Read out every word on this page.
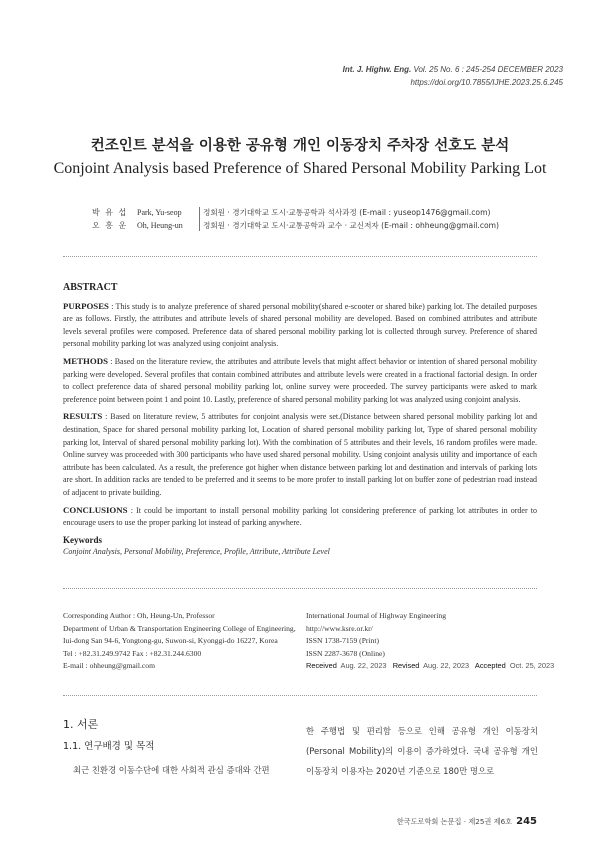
Int. J. Highw. Eng. Vol. 25 No. 6 : 245-254 DECEMBER 2023
https://doi.org/10.7855/IJHE.2023.25.6.245
컨조인트 분석을 이용한 공유형 개인 이동장치 주차장 선호도 분석
Conjoint Analysis based Preference of Shared Personal Mobility Parking Lot
박 유 섭	Park, Yu-seop	정회원 · 경기대학교 도시·교통공학과 석사과정 (E-mail : yuseop1476@gmail.com)
오 흥 운	Oh, Heung-un	정회원 · 경기대학교 도시·교통공학과 교수 · 교신저자 (E-mail : ohheung@gmail.com)
ABSTRACT

PURPOSES : This study is to analyze preference of shared personal mobility(shared e-scooter or shared bike) parking lot. The detailed purposes are as follows. Firstly, the attributes and attribute levels of shared personal mobility are developed. Based on combined attributes and attribute levels several profiles were composed. Preference data of shared personal mobility parking lot is collected through survey. Preference of shared personal mobility parking lot was analyzed using conjoint analysis.

METHODS : Based on the literature review, the attributes and attribute levels that might affect behavior or intention of shared personal mobility parking were developed. Several profiles that contain combined attributes and attribute levels were created in a fractional factorial design. In order to collect preference data of shared personal mobility parking lot, online survey were proceeded. The survey participants were asked to mark preference point between point 1 and point 10. Lastly, preference of shared personal mobility parking lot was analyzed using conjoint analysis.

RESULTS : Based on literature review, 5 attributes for conjoint analysis were set.(Distance between shared personal mobility parking lot and destination, Space for shared personal mobility parking lot, Location of shared personal mobility parking lot, Type of shared personal mobility parking lot, Interval of shared personal mobility parking lot). With the combination of 5 attributes and their levels, 16 random profiles were made. Online survey was proceeded with 300 participants who have used shared personal mobility. Using conjoint analysis utility and importance of each attribute has been calculated. As a result, the preference got higher when distance between parking lot and destination and intervals of parking lots are short. In addition racks are tended to be preferred and it seems to be more profer to install parking lot on buffer zone of pedestrian road instead of adjacent to private building.

CONCLUSIONS : It could be important to install personal mobility parking lot considering preference of parking lot attributes in order to encourage users to use the proper parking lot instead of parking anywhere.

Keywords
Conjoint Analysis, Personal Mobility, Preference, Profile, Attribute, Attribute Level
Corresponding Author : Oh, Heung-Un, Professor
Department of Urban & Transportation Engineering College of Engineering,
Iui-dong San 94-6, Yongtong-gu, Suwon-si, Kyonggi-do 16227, Korea
Tel : +82.31.249.9742 Fax : +82.31.244.6300
E-mail : ohheung@gmail.com
International Journal of Highway Engineering
http://www.ksre.or.kr/
ISSN 1738-7159 (Print)
ISSN 2287-3678 (Online)
Received Aug. 22, 2023 Revised Aug. 22, 2023 Accepted Oct. 25, 2023
1. 서론
1.1. 연구배경 및 목적
최근 친환경 이동수단에 대한 사회적 관심 증대와 간편
한 주행법 및 편리함 등으로 인해 공유형 개인 이동장치 (Personal Mobility)의 이용이 증가하였다. 국내 공유형 개인 이동장치 이용자는 2020년 기준으로 180만 명으로
한국도로학회 논문집 · 제25권 제6호 245
